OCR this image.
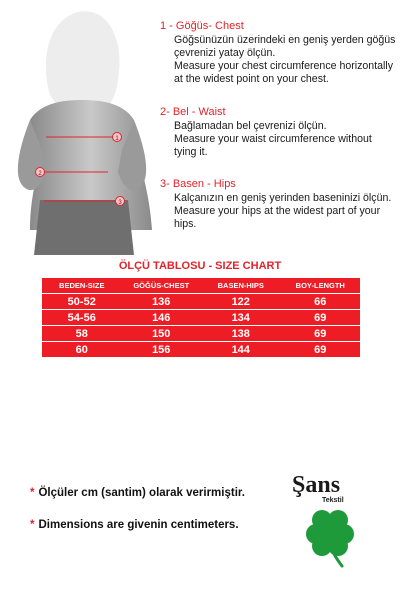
1
2
3
1 - Göğüs- Chest

Göğsünüzün üzerindeki en geniş yerden göğüs çevrenizi yatay ölçün.

Measure your chest circumference horizontally at the widest point on your chest.

2- Bel - Waist

Bağlamadan bel çevrenizi ölçün.

Measure your waist circumference without tying it.

3- Basen - Hips

Kalçanızın en geniş yerinden baseninizi ölçün.

Measure your hips at the widest part of your hips.

ÖLÇÜ TABLOSU - SIZE CHART
BEDEN-SIZE	GÖĞÜS-CHEST	BASEN-HIPS	BOY-LENGTH
50-52	136	122	66
54-56	146	134	69
58	150	138	69
60	156	144	69
* Ölçüler cm (santim) olarak verirmiştir.
* Dimensions are givenin centimeters.
Şans
Tekstil
